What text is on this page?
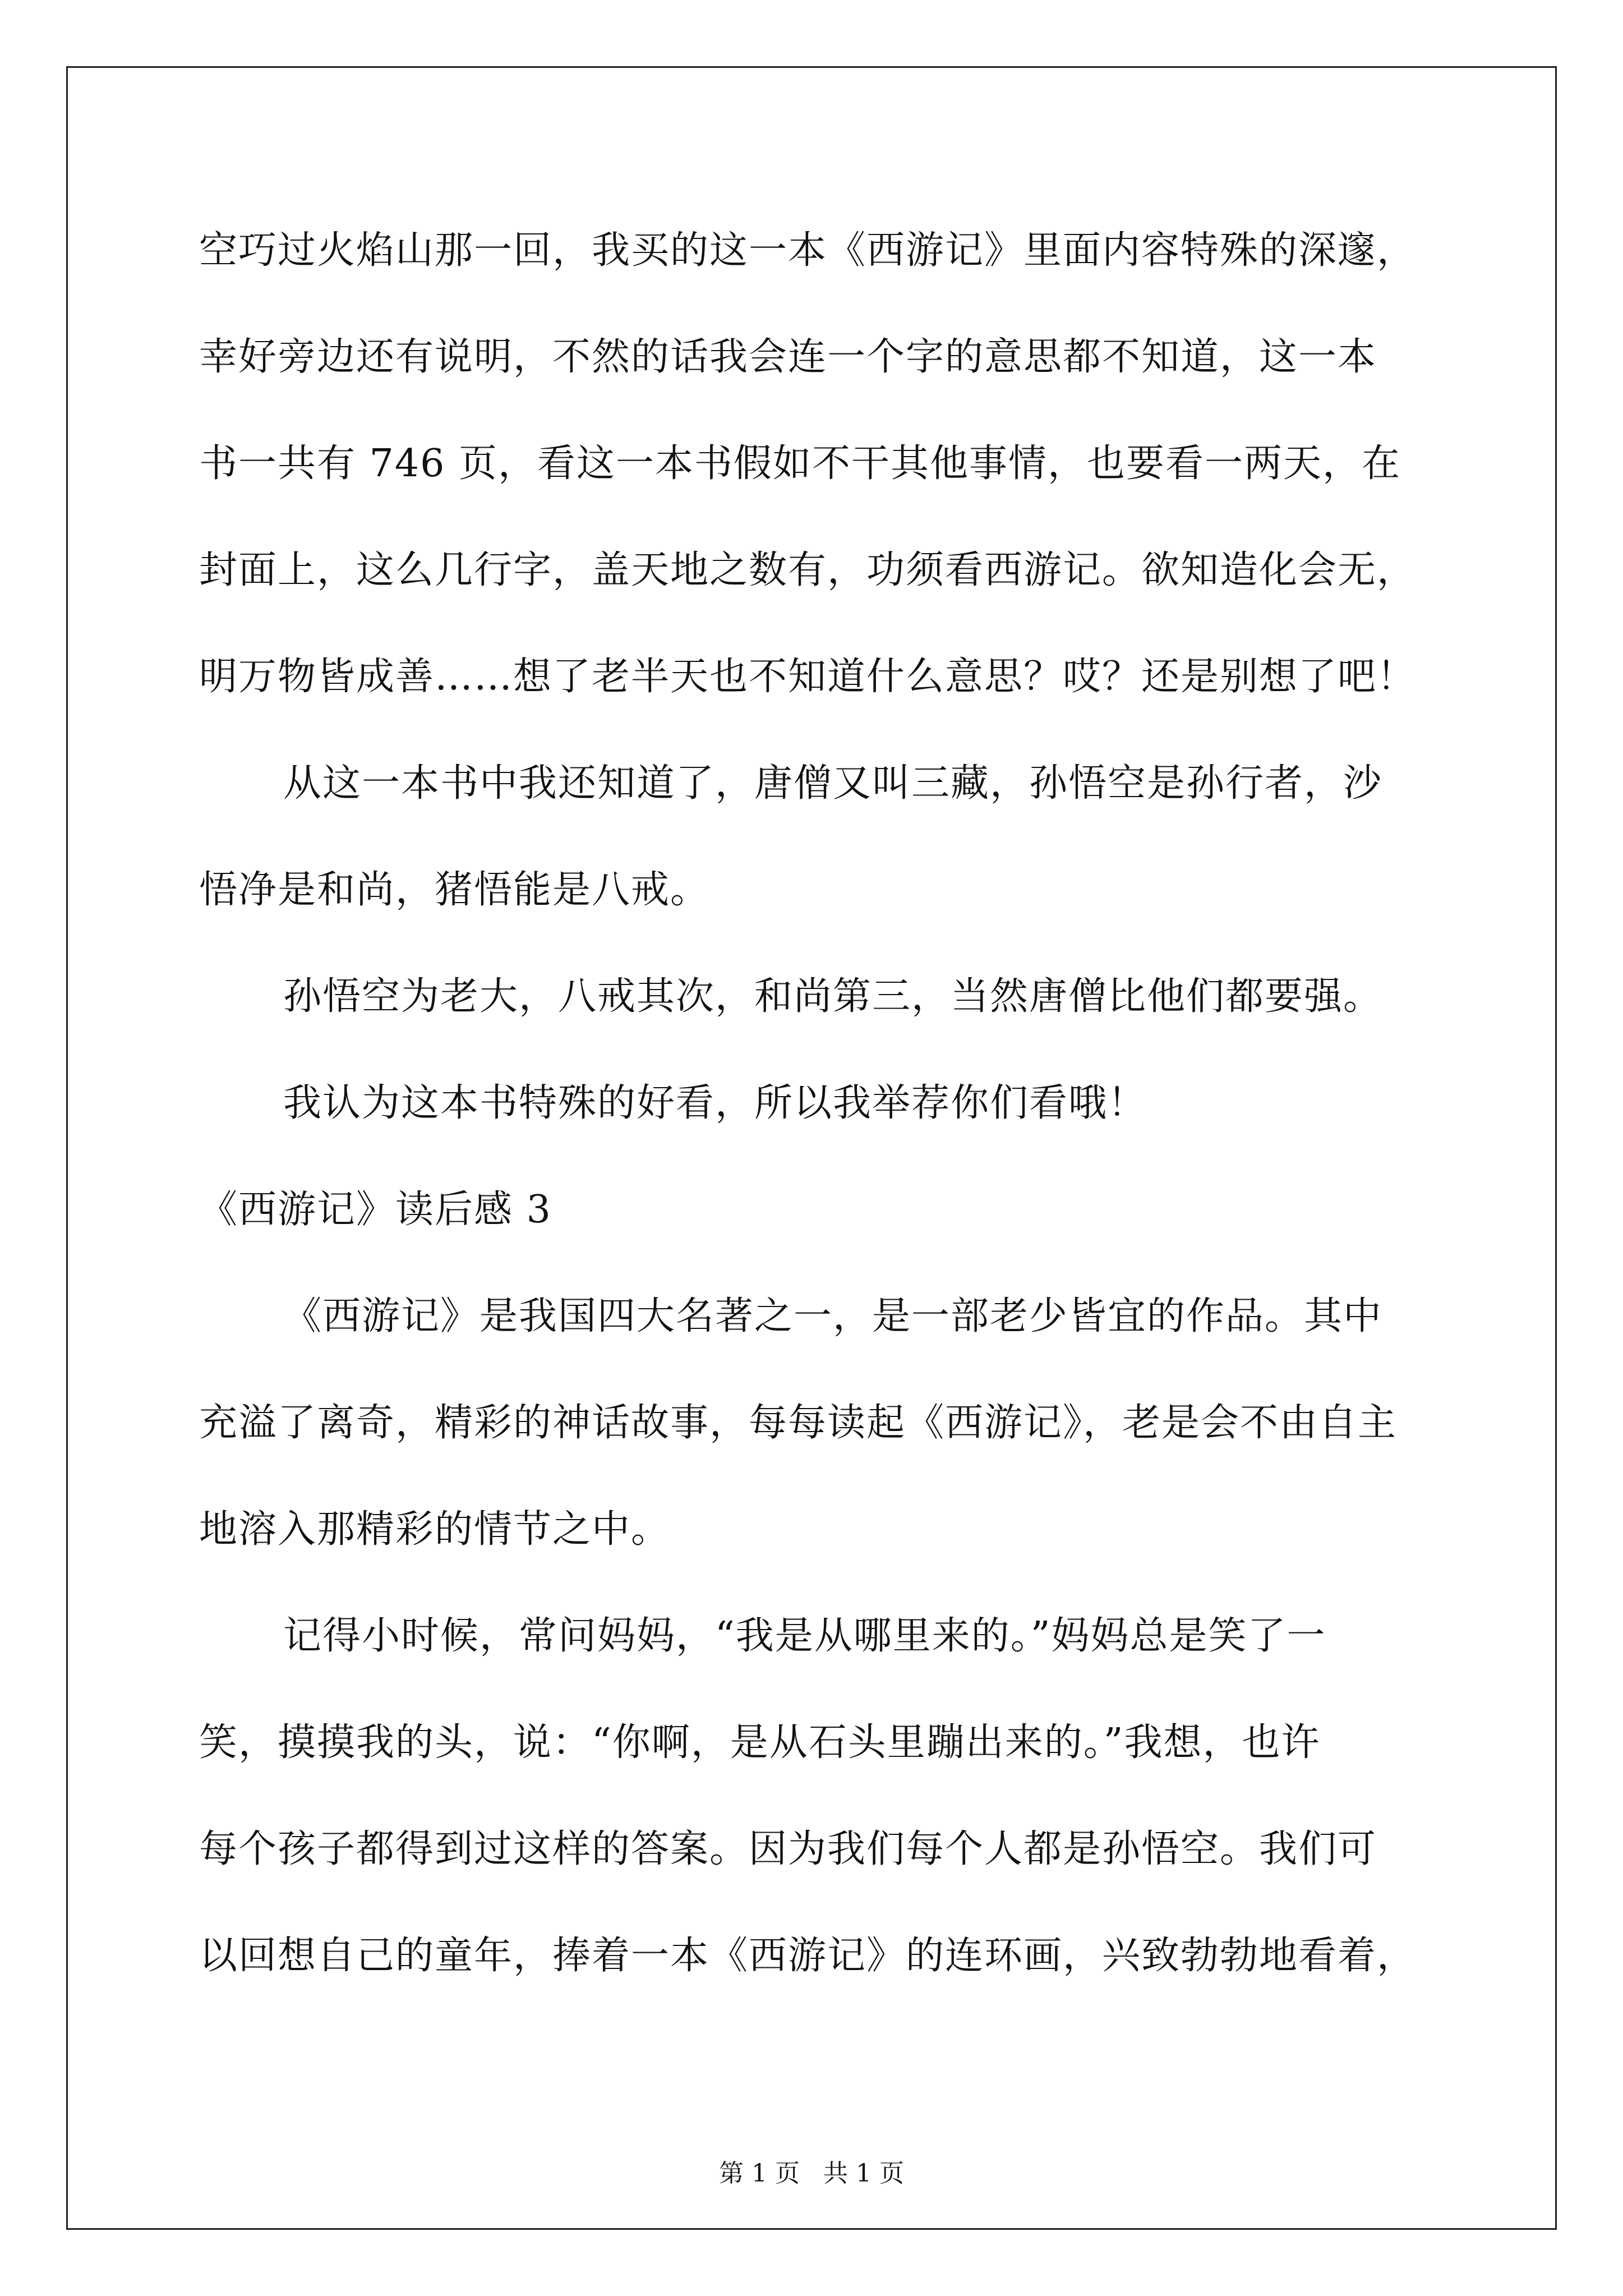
空巧过火焰山那一回，我买的这一本《西游记》里面内容特殊的深邃，
幸好旁边还有说明，不然的话我会连一个字的意思都不知道，这一本
书一共有 746 页，看这一本书假如不干其他事情，也要看一两天，在
封面上，这么几行字，盖天地之数有，功须看西游记。欲知造化会无，
明万物皆成善……想了老半天也不知道什么意思？哎？还是别想了吧！
从这一本书中我还知道了，唐僧又叫三藏，孙悟空是孙行者，沙
悟净是和尚，猪悟能是八戒。
孙悟空为老大，八戒其次，和尚第三，当然唐僧比他们都要强。
我认为这本书特殊的好看，所以我举荐你们看哦！
《西游记》读后感 3
《西游记》是我国四大名著之一，是一部老少皆宜的作品。其中
充溢了离奇，精彩的神话故事，每每读起《西游记》，老是会不由自主
地溶入那精彩的情节之中。
记得小时候，常问妈妈，“我是从哪里来的。”妈妈总是笑了一
笑，摸摸我的头，说：“你啊，是从石头里蹦出来的。”我想，也许
每个孩子都得到过这样的答案。因为我们每个人都是孙悟空。我们可
以回想自己的童年，捧着一本《西游记》的连环画，兴致勃勃地看着，
第 1 页   共 1 页
